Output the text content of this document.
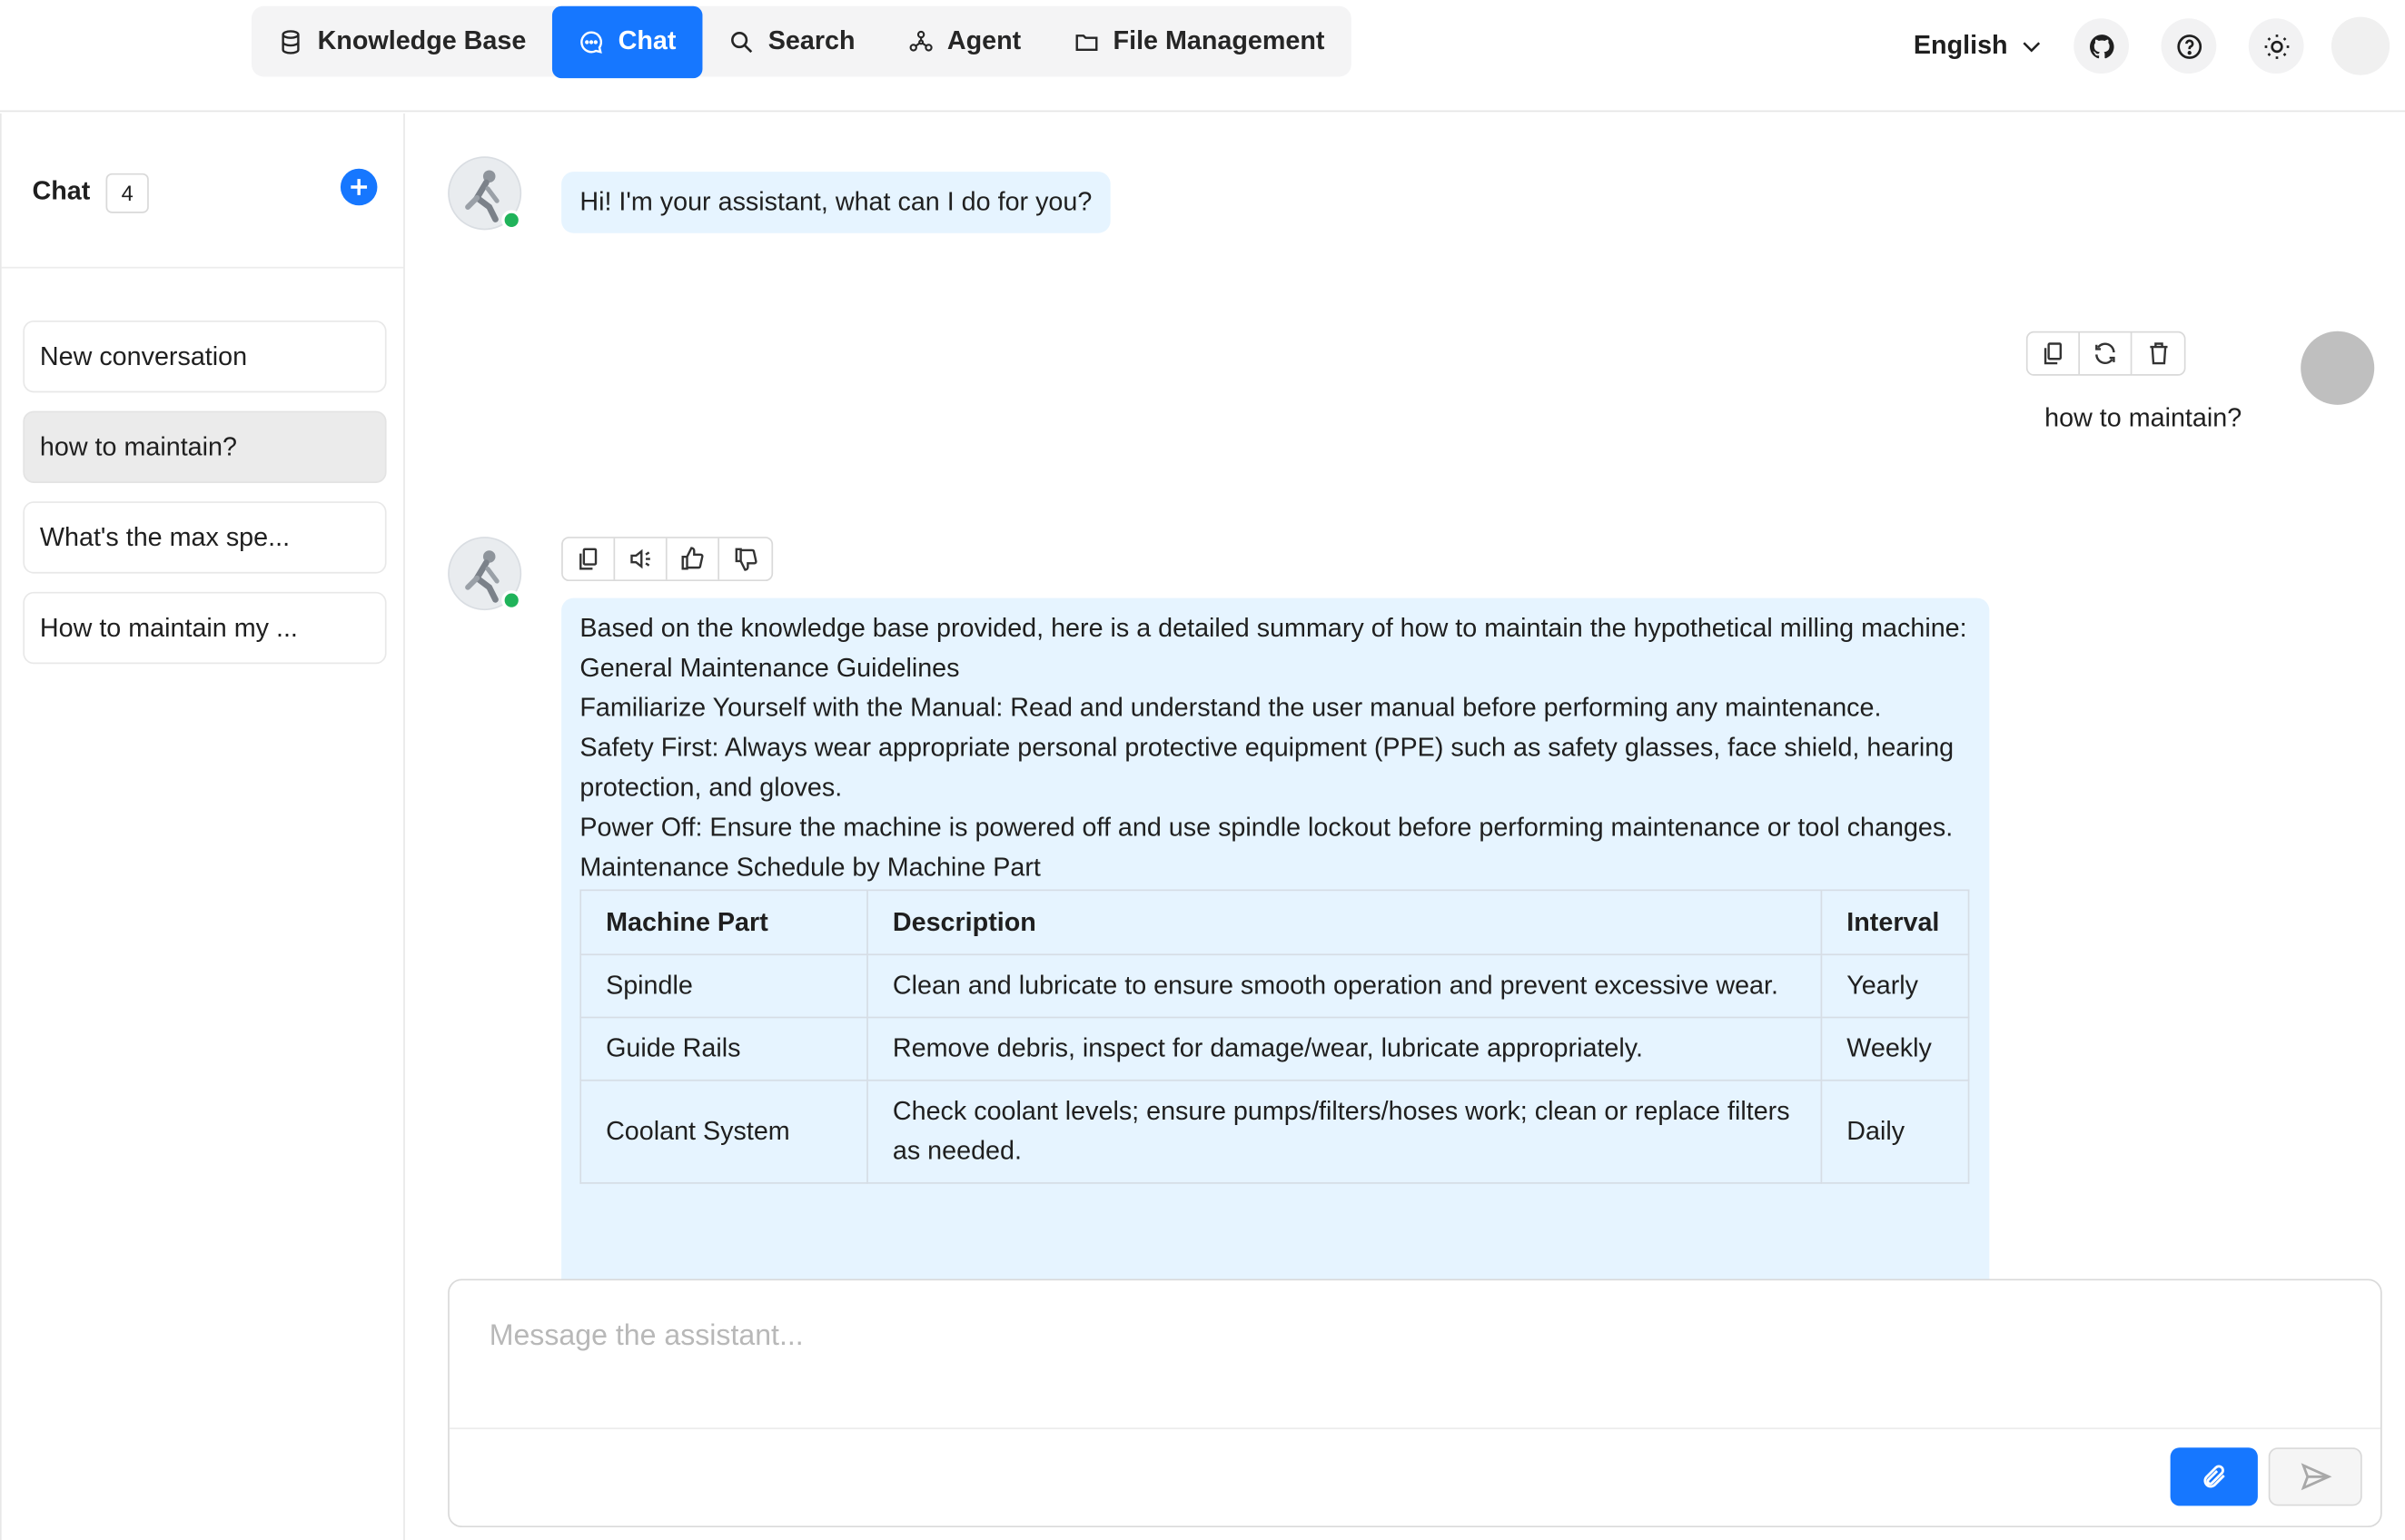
Knowledge Base	Chat	Search	Agent	File Management	English
Chat	4
New conversation
how to maintain?
What's the max spe...
How to maintain my ...
Hi! I'm your assistant, what can I do for you?
how to maintain?

Based on the knowledge base provided, here is a detailed summary of how to maintain the hypothetical milling machine:

General Maintenance Guidelines

Familiarize Yourself with the Manual: Read and understand the user manual before performing any maintenance.

Safety First: Always wear appropriate personal protective equipment (PPE) such as safety glasses, face shield, hearing protection, and gloves.

Power Off: Ensure the machine is powered off and use spindle lockout before performing maintenance or tool changes.

Maintenance Schedule by Machine Part

Machine Part	Description	Interval
Spindle	Clean and lubricate to ensure smooth operation and prevent excessive wear.	Yearly
Guide Rails	Remove debris, inspect for damage/wear, lubricate appropriately.	Weekly
Coolant System	Check coolant levels; ensure pumps/filters/hoses work; clean or replace filters as needed.	Daily
Message the assistant...
